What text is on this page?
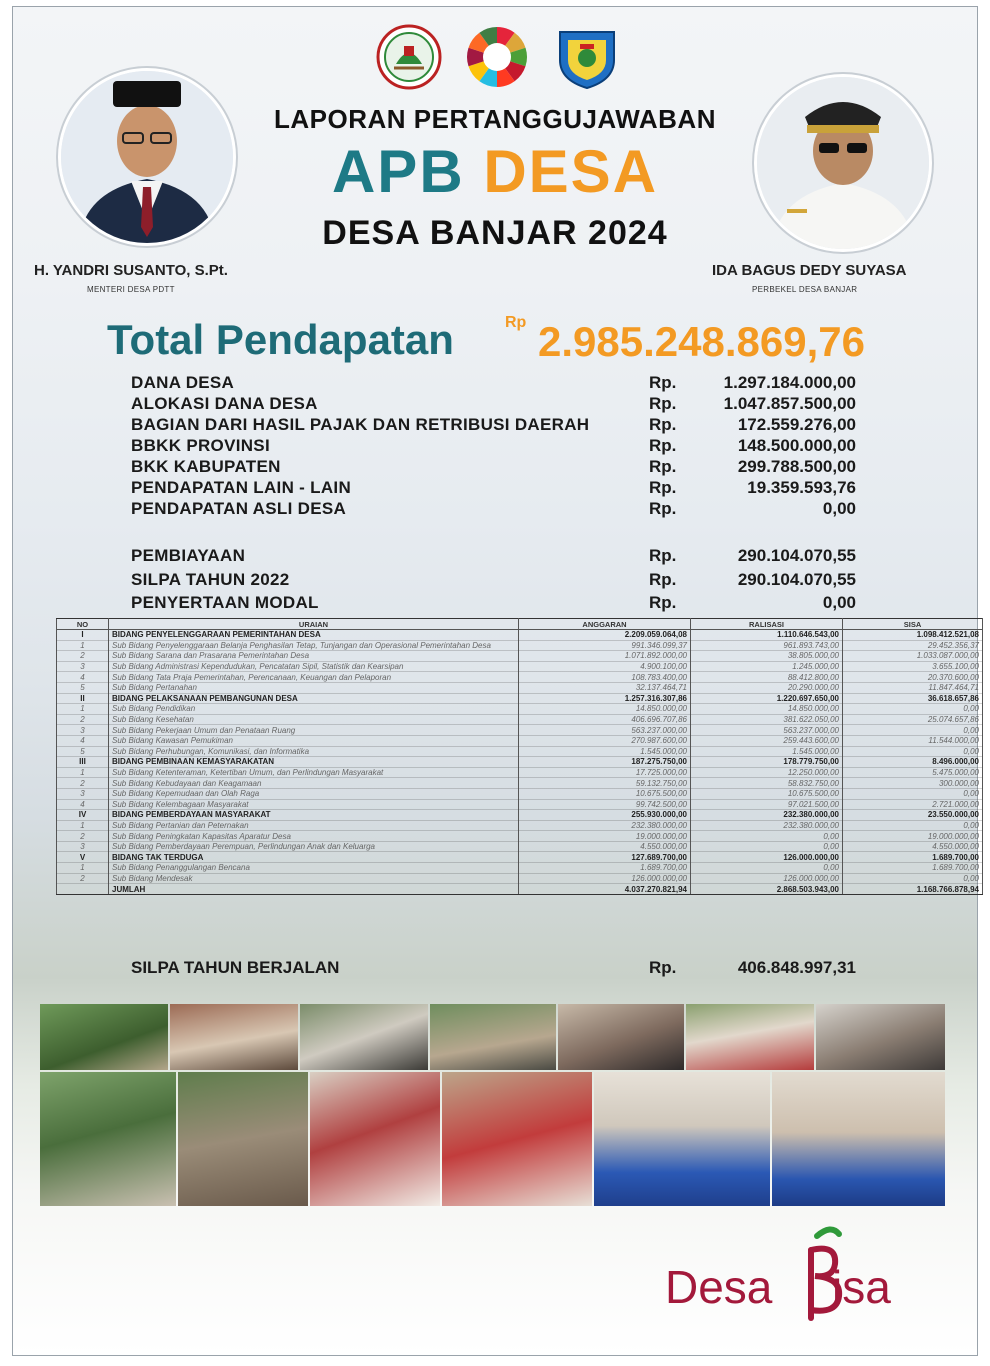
H. YANDRI SUSANTO, S.Pt.
MENTERI DESA PDTT
IDA BAGUS DEDY SUYASA
PERBEKEL DESA BANJAR
LAPORAN PERTANGGUJAWABAN
APB DESA
DESA BANJAR 2024
Total Pendapatan	Rp 2.985.248.869,76
DANA DESA	Rp.	1.297.184.000,00
ALOKASI DANA DESA	Rp.	1.047.857.500,00
BAGIAN DARI HASIL PAJAK DAN RETRIBUSI DAERAH	Rp.	172.559.276,00
BBKK PROVINSI	Rp.	148.500.000,00
BKK KABUPATEN	Rp.	299.788.500,00
PENDAPATAN LAIN - LAIN	Rp.	19.359.593,76
PENDAPATAN ASLI DESA	Rp.	0,00
PEMBIAYAAN	Rp.	290.104.070,55
SILPA TAHUN 2022	Rp.	290.104.070,55
PENYERTAAN MODAL	Rp.	0,00
NO	URAIAN	ANGGARAN	RALISASI	SISA
I	BIDANG PENYELENGGARAAN PEMERINTAHAN DESA	2.209.059.064,08	1.110.646.543,00	1.098.412.521,08
1	Sub Bidang Penyelenggaraan Belanja Penghasilan Tetap, Tunjangan dan Operasional Pemerintahan Desa	991.346.099,37	961.893.743,00	29.452.356,37
2	Sub Bidang Sarana dan Prasarana Pemerintahan Desa	1.071.892.000,00	38.805.000,00	1.033.087.000,00
3	Sub Bidang Administrasi Kependudukan, Pencatatan Sipil, Statistik dan Kearsipan	4.900.100,00	1.245.000,00	3.655.100,00
4	Sub Bidang Tata Praja Pemerintahan, Perencanaan, Keuangan dan Pelaporan	108.783.400,00	88.412.800,00	20.370.600,00
5	Sub Bidang Pertanahan	32.137.464,71	20.290.000,00	11.847.464,71
II	BIDANG PELAKSANAAN PEMBANGUNAN DESA	1.257.316.307,86	1.220.697.650,00	36.618.657,86
1	Sub Bidang Pendidikan	14.850.000,00	14.850.000,00	0,00
2	Sub Bidang Kesehatan	406.696.707,86	381.622.050,00	25.074.657,86
3	Sub Bidang Pekerjaan Umum dan Penataan Ruang	563.237.000,00	563.237.000,00	0,00
4	Sub Bidang Kawasan Pemukiman	270.987.600,00	259.443.600,00	11.544.000,00
5	Sub Bidang Perhubungan, Komunikasi, dan Informatika	1.545.000,00	1.545.000,00	0,00
III	BIDANG PEMBINAAN KEMASYARAKATAN	187.275.750,00	178.779.750,00	8.496.000,00
1	Sub Bidang Ketenteraman, Ketertiban Umum, dan Perlindungan Masyarakat	17.725.000,00	12.250.000,00	5.475.000,00
2	Sub Bidang Kebudayaan dan Keagamaan	59.132.750,00	58.832.750,00	300.000,00
3	Sub Bidang Kepemudaan dan Olah Raga	10.675.500,00	10.675.500,00	0,00
4	Sub Bidang Kelembagaan Masyarakat	99.742.500,00	97.021.500,00	2.721.000,00
IV	BIDANG PEMBERDAYAAN MASYARAKAT	255.930.000,00	232.380.000,00	23.550.000,00
1	Sub Bidang Pertanian dan Peternakan	232.380.000,00	232.380.000,00	0,00
2	Sub Bidang Peningkatan Kapasitas Aparatur Desa	19.000.000,00	0,00	19.000.000,00
3	Sub Bidang Pemberdayaan Perempuan, Perlindungan Anak dan Keluarga	4.550.000,00	0,00	4.550.000,00
V	BIDANG TAK TERDUGA	127.689.700,00	126.000.000,00	1.689.700,00
1	Sub Bidang Penanggulangan Bencana	1.689.700,00	0,00	1.689.700,00
2	Sub Bidang Mendesak	126.000.000,00	126.000.000,00	0,00
	JUMLAH	4.037.270.821,94	2.868.503.943,00	1.168.766.878,94
SILPA TAHUN BERJALAN	Rp.	406.848.997,31
Desa isa
